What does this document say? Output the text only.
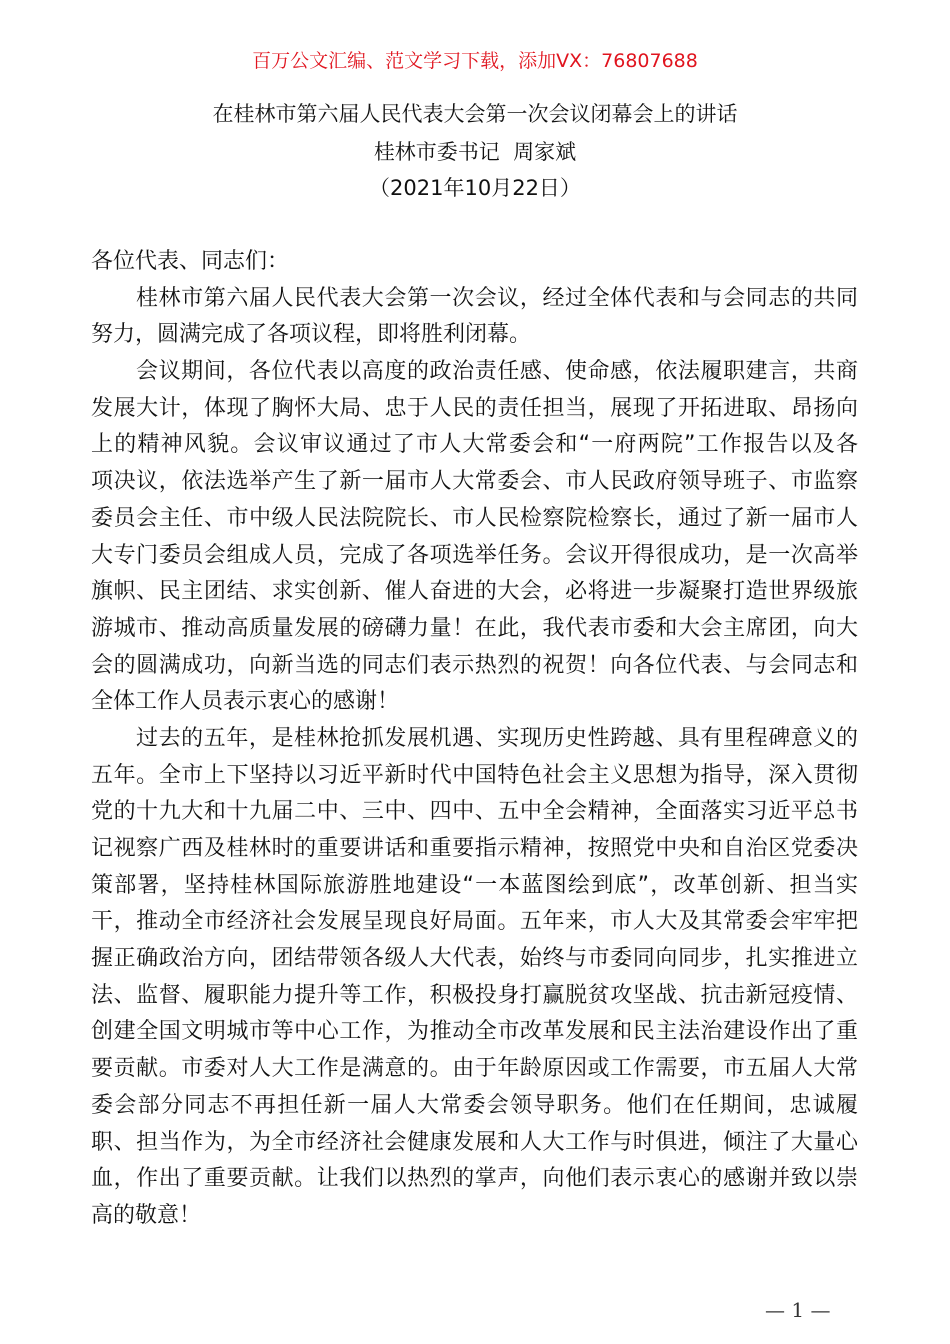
百万公文汇编、范文学习下载，添加VX：76807688
在桂林市第六届人民代表大会第一次会议闭幕会上的讲话
桂林市委书记  周家斌
（2021年10月22日）
各位代表、同志们：
桂林市第六届人民代表大会第一次会议，经过全体代表和与会同志的共同
努力，圆满完成了各项议程，即将胜利闭幕。
会议期间，各位代表以高度的政治责任感、使命感，依法履职建言，共商
发展大计，体现了胸怀大局、忠于人民的责任担当，展现了开拓进取、昂扬向
上的精神风貌。会议审议通过了市人大常委会和“一府两院”工作报告以及各
项决议，依法选举产生了新一届市人大常委会、市人民政府领导班子、市监察
委员会主任、市中级人民法院院长、市人民检察院检察长，通过了新一届市人
大专门委员会组成人员，完成了各项选举任务。会议开得很成功，是一次高举
旗帜、民主团结、求实创新、催人奋进的大会，必将进一步凝聚打造世界级旅
游城市、推动高质量发展的磅礴力量！在此，我代表市委和大会主席团，向大
会的圆满成功，向新当选的同志们表示热烈的祝贺！向各位代表、与会同志和
全体工作人员表示衷心的感谢！
过去的五年，是桂林抢抓发展机遇、实现历史性跨越、具有里程碑意义的
五年。全市上下坚持以习近平新时代中国特色社会主义思想为指导，深入贯彻
党的十九大和十九届二中、三中、四中、五中全会精神，全面落实习近平总书
记视察广西及桂林时的重要讲话和重要指示精神，按照党中央和自治区党委决
策部署，坚持桂林国际旅游胜地建设“一本蓝图绘到底”，改革创新、担当实
干，推动全市经济社会发展呈现良好局面。五年来，市人大及其常委会牢牢把
握正确政治方向，团结带领各级人大代表，始终与市委同向同步，扎实推进立
法、监督、履职能力提升等工作，积极投身打赢脱贫攻坚战、抗击新冠疫情、
创建全国文明城市等中心工作，为推动全市改革发展和民主法治建设作出了重
要贡献。市委对人大工作是满意的。由于年龄原因或工作需要，市五届人大常
委会部分同志不再担任新一届人大常委会领导职务。他们在任期间，忠诚履
职、担当作为，为全市经济社会健康发展和人大工作与时俱进，倾注了大量心
血，作出了重要贡献。让我们以热烈的掌声，向他们表示衷心的感谢并致以崇
高的敬意！
— 1 —
